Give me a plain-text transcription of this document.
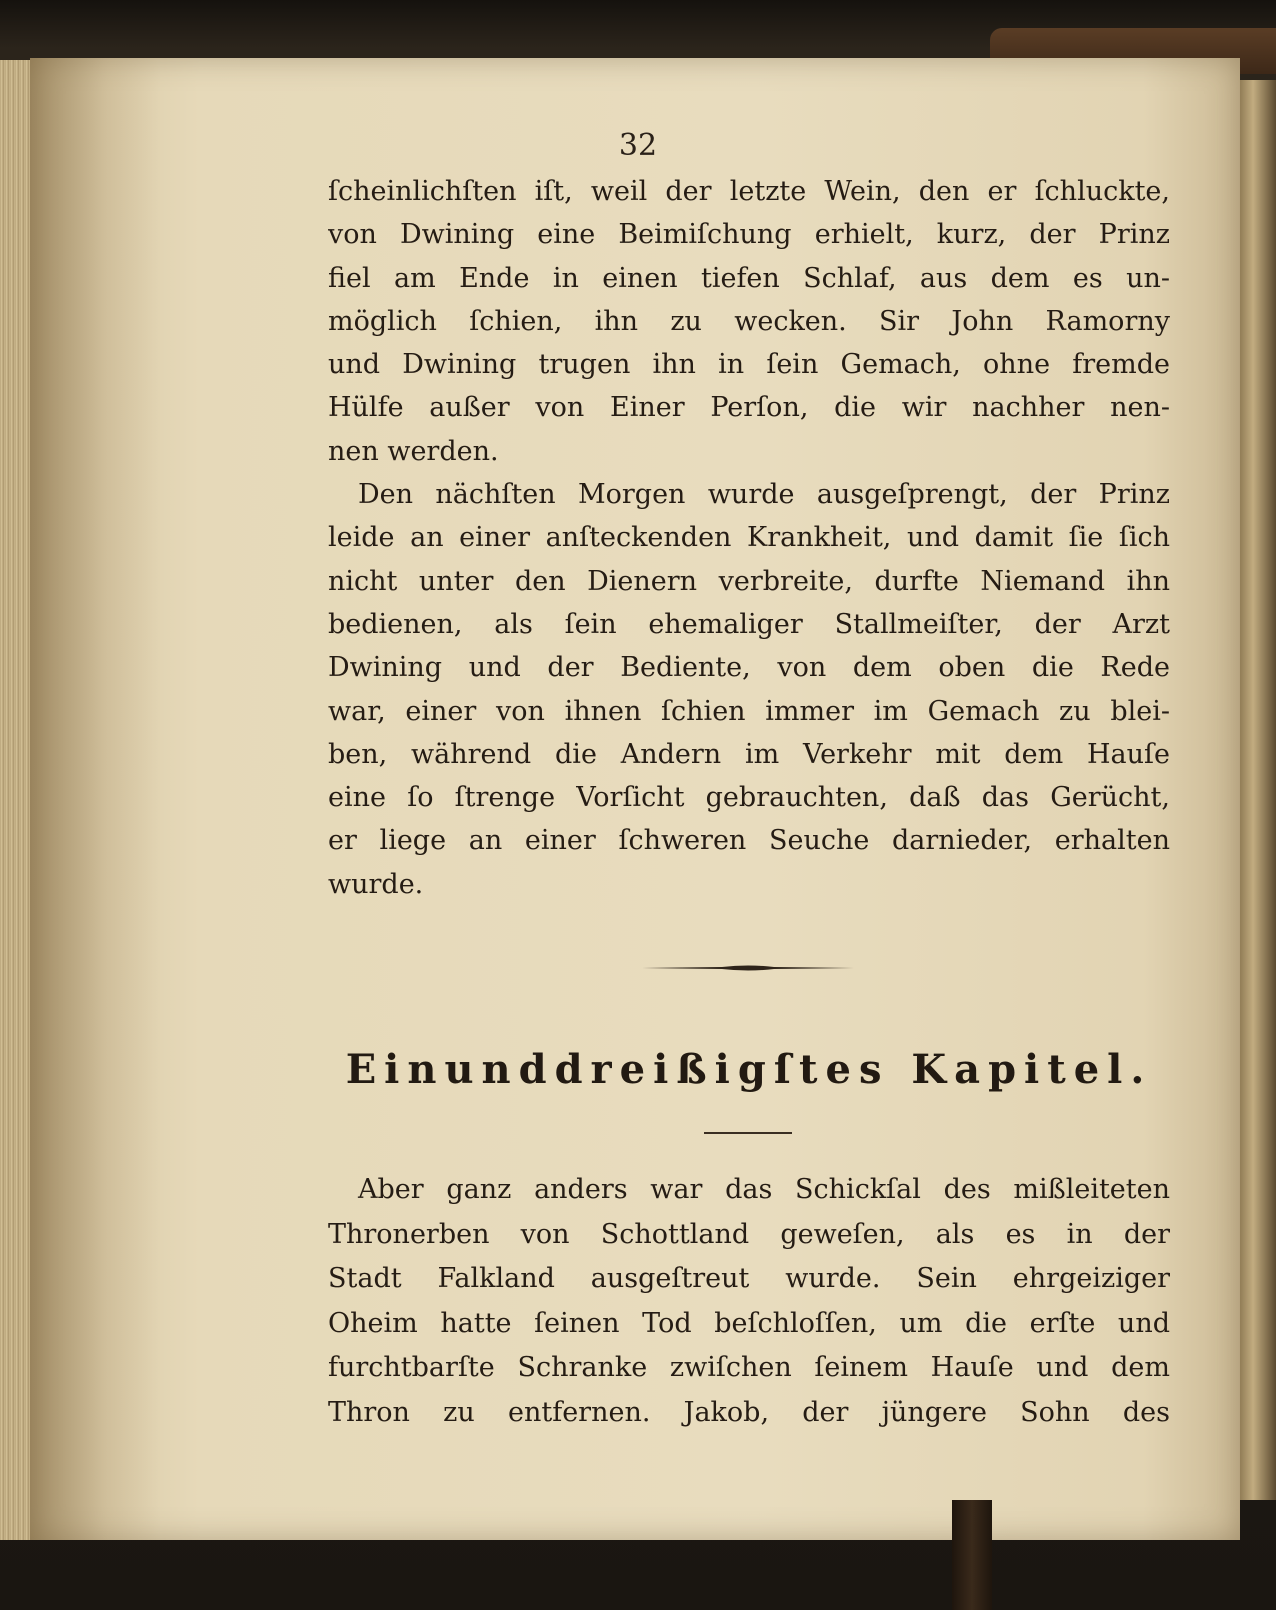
32
ſcheinlichſten iſt, weil der letzte Wein, den er ſchluckte,
von Dwining eine Beimiſchung erhielt, kurz, der Prinz
fiel am Ende in einen tiefen Schlaf, aus dem es un-
möglich ſchien, ihn zu wecken. Sir John Ramorny
und Dwining trugen ihn in ſein Gemach, ohne fremde
Hülfe außer von Einer Perſon, die wir nachher nen-
nen werden.
Den nächſten Morgen wurde ausgeſprengt, der Prinz
leide an einer anſteckenden Krankheit, und damit ſie ſich
nicht unter den Dienern verbreite, durfte Niemand ihn
bedienen, als ſein ehemaliger Stallmeiſter, der Arzt
Dwining und der Bediente, von dem oben die Rede
war, einer von ihnen ſchien immer im Gemach zu blei-
ben, während die Andern im Verkehr mit dem Hauſe
eine ſo ſtrenge Vorſicht gebrauchten, daß das Gerücht,
er liege an einer ſchweren Seuche darnieder, erhalten
wurde.
Einunddreißigſtes Kapitel.
Aber ganz anders war das Schickſal des mißleiteten
Thronerben von Schottland geweſen, als es in der
Stadt Falkland ausgeſtreut wurde. Sein ehrgeiziger
Oheim hatte ſeinen Tod beſchloſſen, um die erſte und
furchtbarſte Schranke zwiſchen ſeinem Hauſe und dem
Thron zu entfernen. Jakob, der jüngere Sohn des
